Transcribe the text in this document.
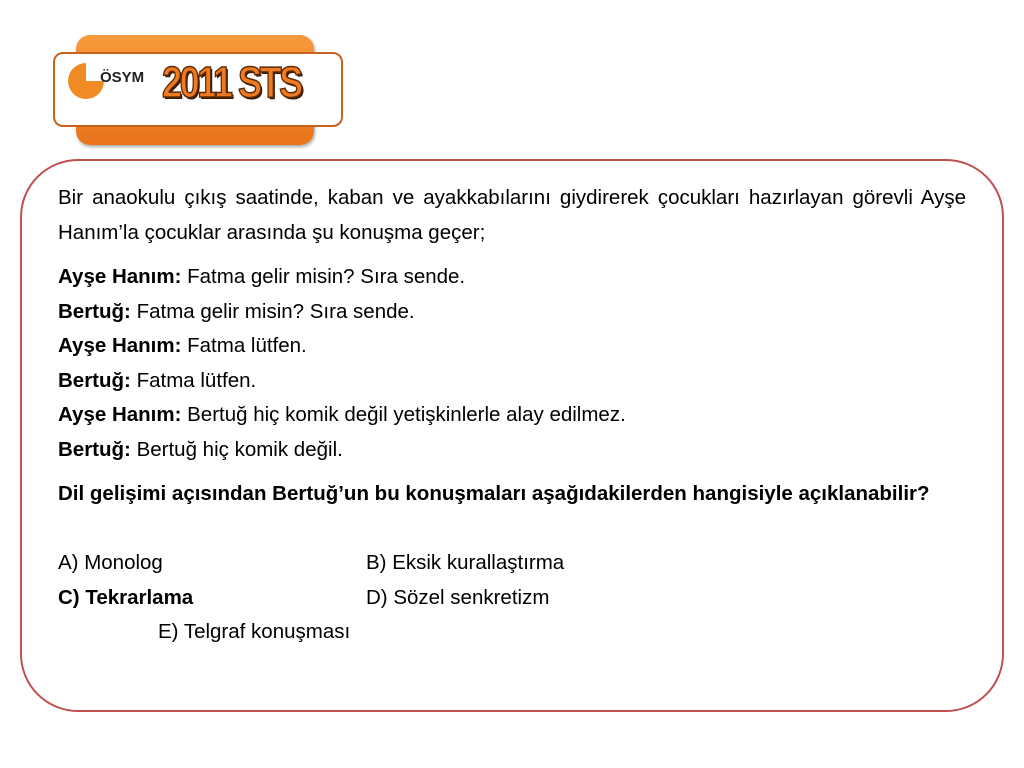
ÖSYM 2011 STS

Bir anaokulu çıkış saatinde, kaban ve ayakkabılarını giydirerek çocukları hazırlayan görevli Ayşe Hanım’la çocuklar arasında şu konuşma geçer;

Ayşe Hanım: Fatma gelir misin? Sıra sende.

Bertuğ: Fatma gelir misin? Sıra sende.

Ayşe Hanım: Fatma lütfen.

Bertuğ: Fatma lütfen.

Ayşe Hanım: Bertuğ hiç komik değil yetişkinlerle alay edilmez.

Bertuğ: Bertuğ hiç komik değil.

Dil gelişimi açısından Bertuğ’un bu konuşmaları aşağıdakilerden hangisiyle açıklanabilir?

A) Monolog	B) Eksik kurallaştırma
C) Tekrarlama	D) Sözel senkretizm
E) Telgraf konuşması
